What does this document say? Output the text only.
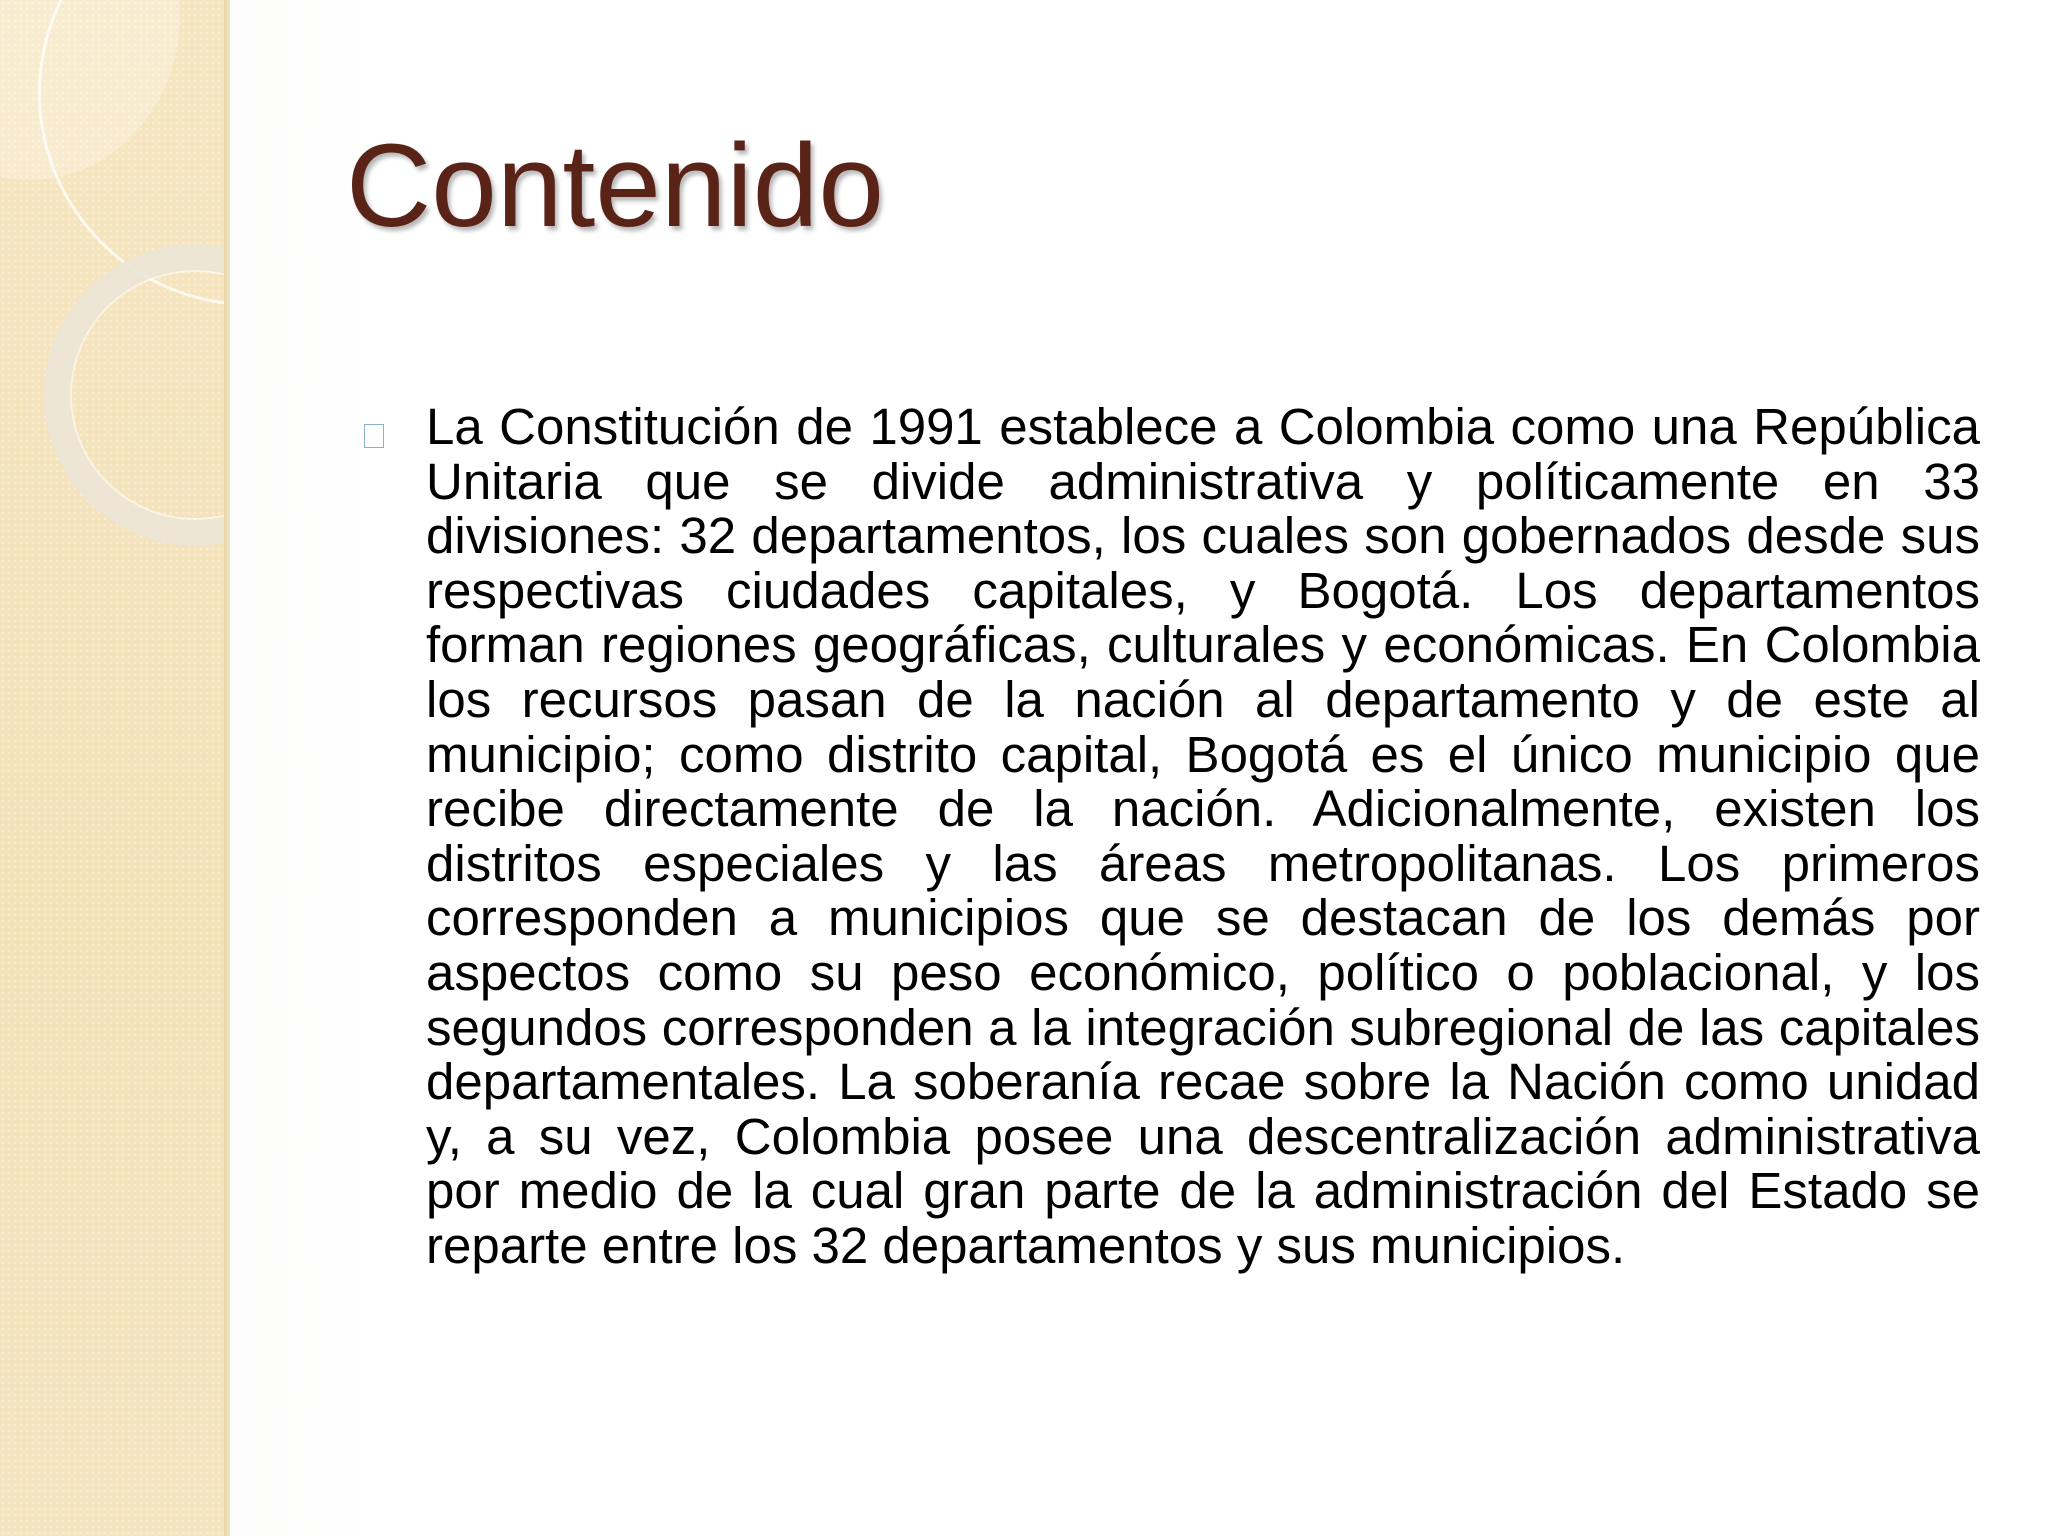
Contenido

La Constitución de 1991 establece a Colombia como una República Unitaria que se divide administrativa y políticamente en 33 divisiones: 32 departamentos, los cuales son gobernados desde sus respectivas ciudades capitales, y Bogotá. Los departamentos forman regiones geográficas, culturales y económicas. En Colombia los recursos pasan de la nación al departamento y de este al municipio; como distrito capital, Bogotá es el único municipio que recibe directamente de la nación. Adicionalmente, existen los distritos especiales y las áreas metropolitanas. Los primeros corresponden a municipios que se destacan de los demás por aspectos como su peso económico, político o poblacional, y los segundos corresponden a la integración subregional de las capitales departamentales. La soberanía recae sobre la Nación como unidad y, a su vez, Colombia posee una descentralización administrativa por medio de la cual gran parte de la administración del Estado se reparte entre los 32 departamentos y sus municipios.
